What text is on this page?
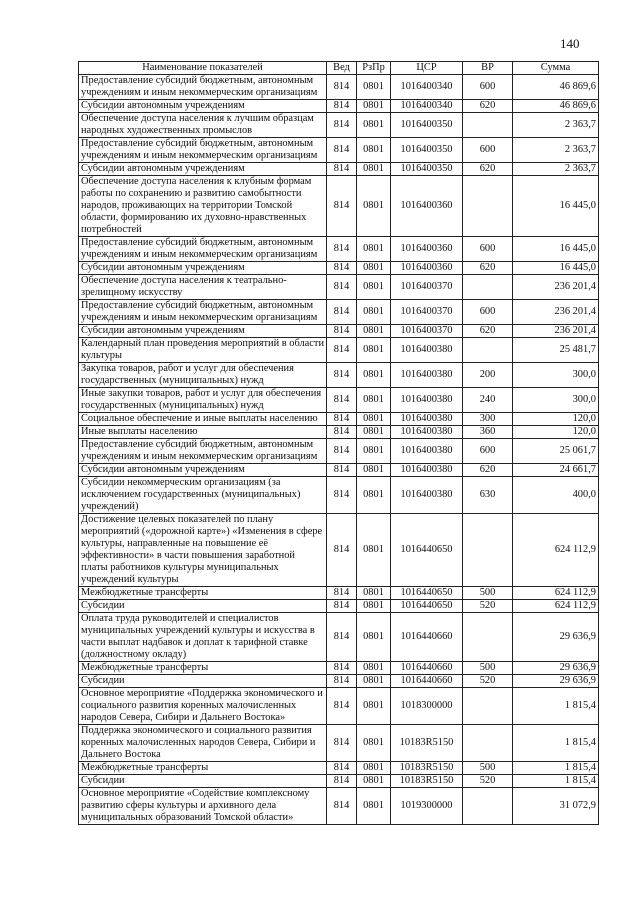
140
Наименование показателей	Вед	РзПр	ЦСР	ВР	Сумма
Предоставление субсидий бюджетным, автономным учреждениям и иным некоммерческим организациям	814	0801	1016400340	600	46 869,6
Субсидии автономным учреждениям	814	0801	1016400340	620	46 869,6
Обеспечение доступа населения к лучшим образцам народных художественных промыслов	814	0801	1016400350		2 363,7
Предоставление субсидий бюджетным, автономным учреждениям и иным некоммерческим организациям	814	0801	1016400350	600	2 363,7
Субсидии автономным учреждениям	814	0801	1016400350	620	2 363,7
Обеспечение доступа населения к клубным формам работы по сохранению и развитию самобытности народов, проживающих на территории Томской области, формированию их духовно-нравственных потребностей	814	0801	1016400360		16 445,0
Предоставление субсидий бюджетным, автономным учреждениям и иным некоммерческим организациям	814	0801	1016400360	600	16 445,0
Субсидии автономным учреждениям	814	0801	1016400360	620	16 445,0
Обеспечение доступа населения к театрально-зрелищному искусству	814	0801	1016400370		236 201,4
Предоставление субсидий бюджетным, автономным учреждениям и иным некоммерческим организациям	814	0801	1016400370	600	236 201,4
Субсидии автономным учреждениям	814	0801	1016400370	620	236 201,4
Календарный план проведения мероприятий в области культуры	814	0801	1016400380		25 481,7
Закупка товаров, работ и услуг для обеспечения государственных (муниципальных) нужд	814	0801	1016400380	200	300,0
Иные закупки товаров, работ и услуг для обеспечения государственных (муниципальных) нужд	814	0801	1016400380	240	300,0
Социальное обеспечение и иные выплаты населению	814	0801	1016400380	300	120,0
Иные выплаты населению	814	0801	1016400380	360	120,0
Предоставление субсидий бюджетным, автономным учреждениям и иным некоммерческим организациям	814	0801	1016400380	600	25 061,7
Субсидии автономным учреждениям	814	0801	1016400380	620	24 661,7
Субсидии некоммерческим организациям (за исключением государственных (муниципальных) учреждений)	814	0801	1016400380	630	400,0
Достижение целевых показателей по плану мероприятий («дорожной карте») «Изменения в сфере культуры, направленные на повышение её эффективности» в части повышения заработной платы работников культуры муниципальных учреждений культуры	814	0801	1016440650		624 112,9
Межбюджетные трансферты	814	0801	1016440650	500	624 112,9
Субсидии	814	0801	1016440650	520	624 112,9
Оплата труда руководителей и специалистов муниципальных учреждений культуры и искусства в части выплат надбавок и доплат к тарифной ставке (должностному окладу)	814	0801	1016440660		29 636,9
Межбюджетные трансферты	814	0801	1016440660	500	29 636,9
Субсидии	814	0801	1016440660	520	29 636,9
Основное мероприятие «Поддержка экономического и социального развития коренных малочисленных народов Севера, Сибири и Дальнего Востока»	814	0801	1018300000		1 815,4
Поддержка экономического и социального развития коренных малочисленных народов Севера, Сибири и Дальнего Востока	814	0801	10183R5150		1 815,4
Межбюджетные трансферты	814	0801	10183R5150	500	1 815,4
Субсидии	814	0801	10183R5150	520	1 815,4
Основное мероприятие «Содействие комплексному развитию сферы культуры и архивного дела муниципальных образований Томской области»	814	0801	1019300000		31 072,9
